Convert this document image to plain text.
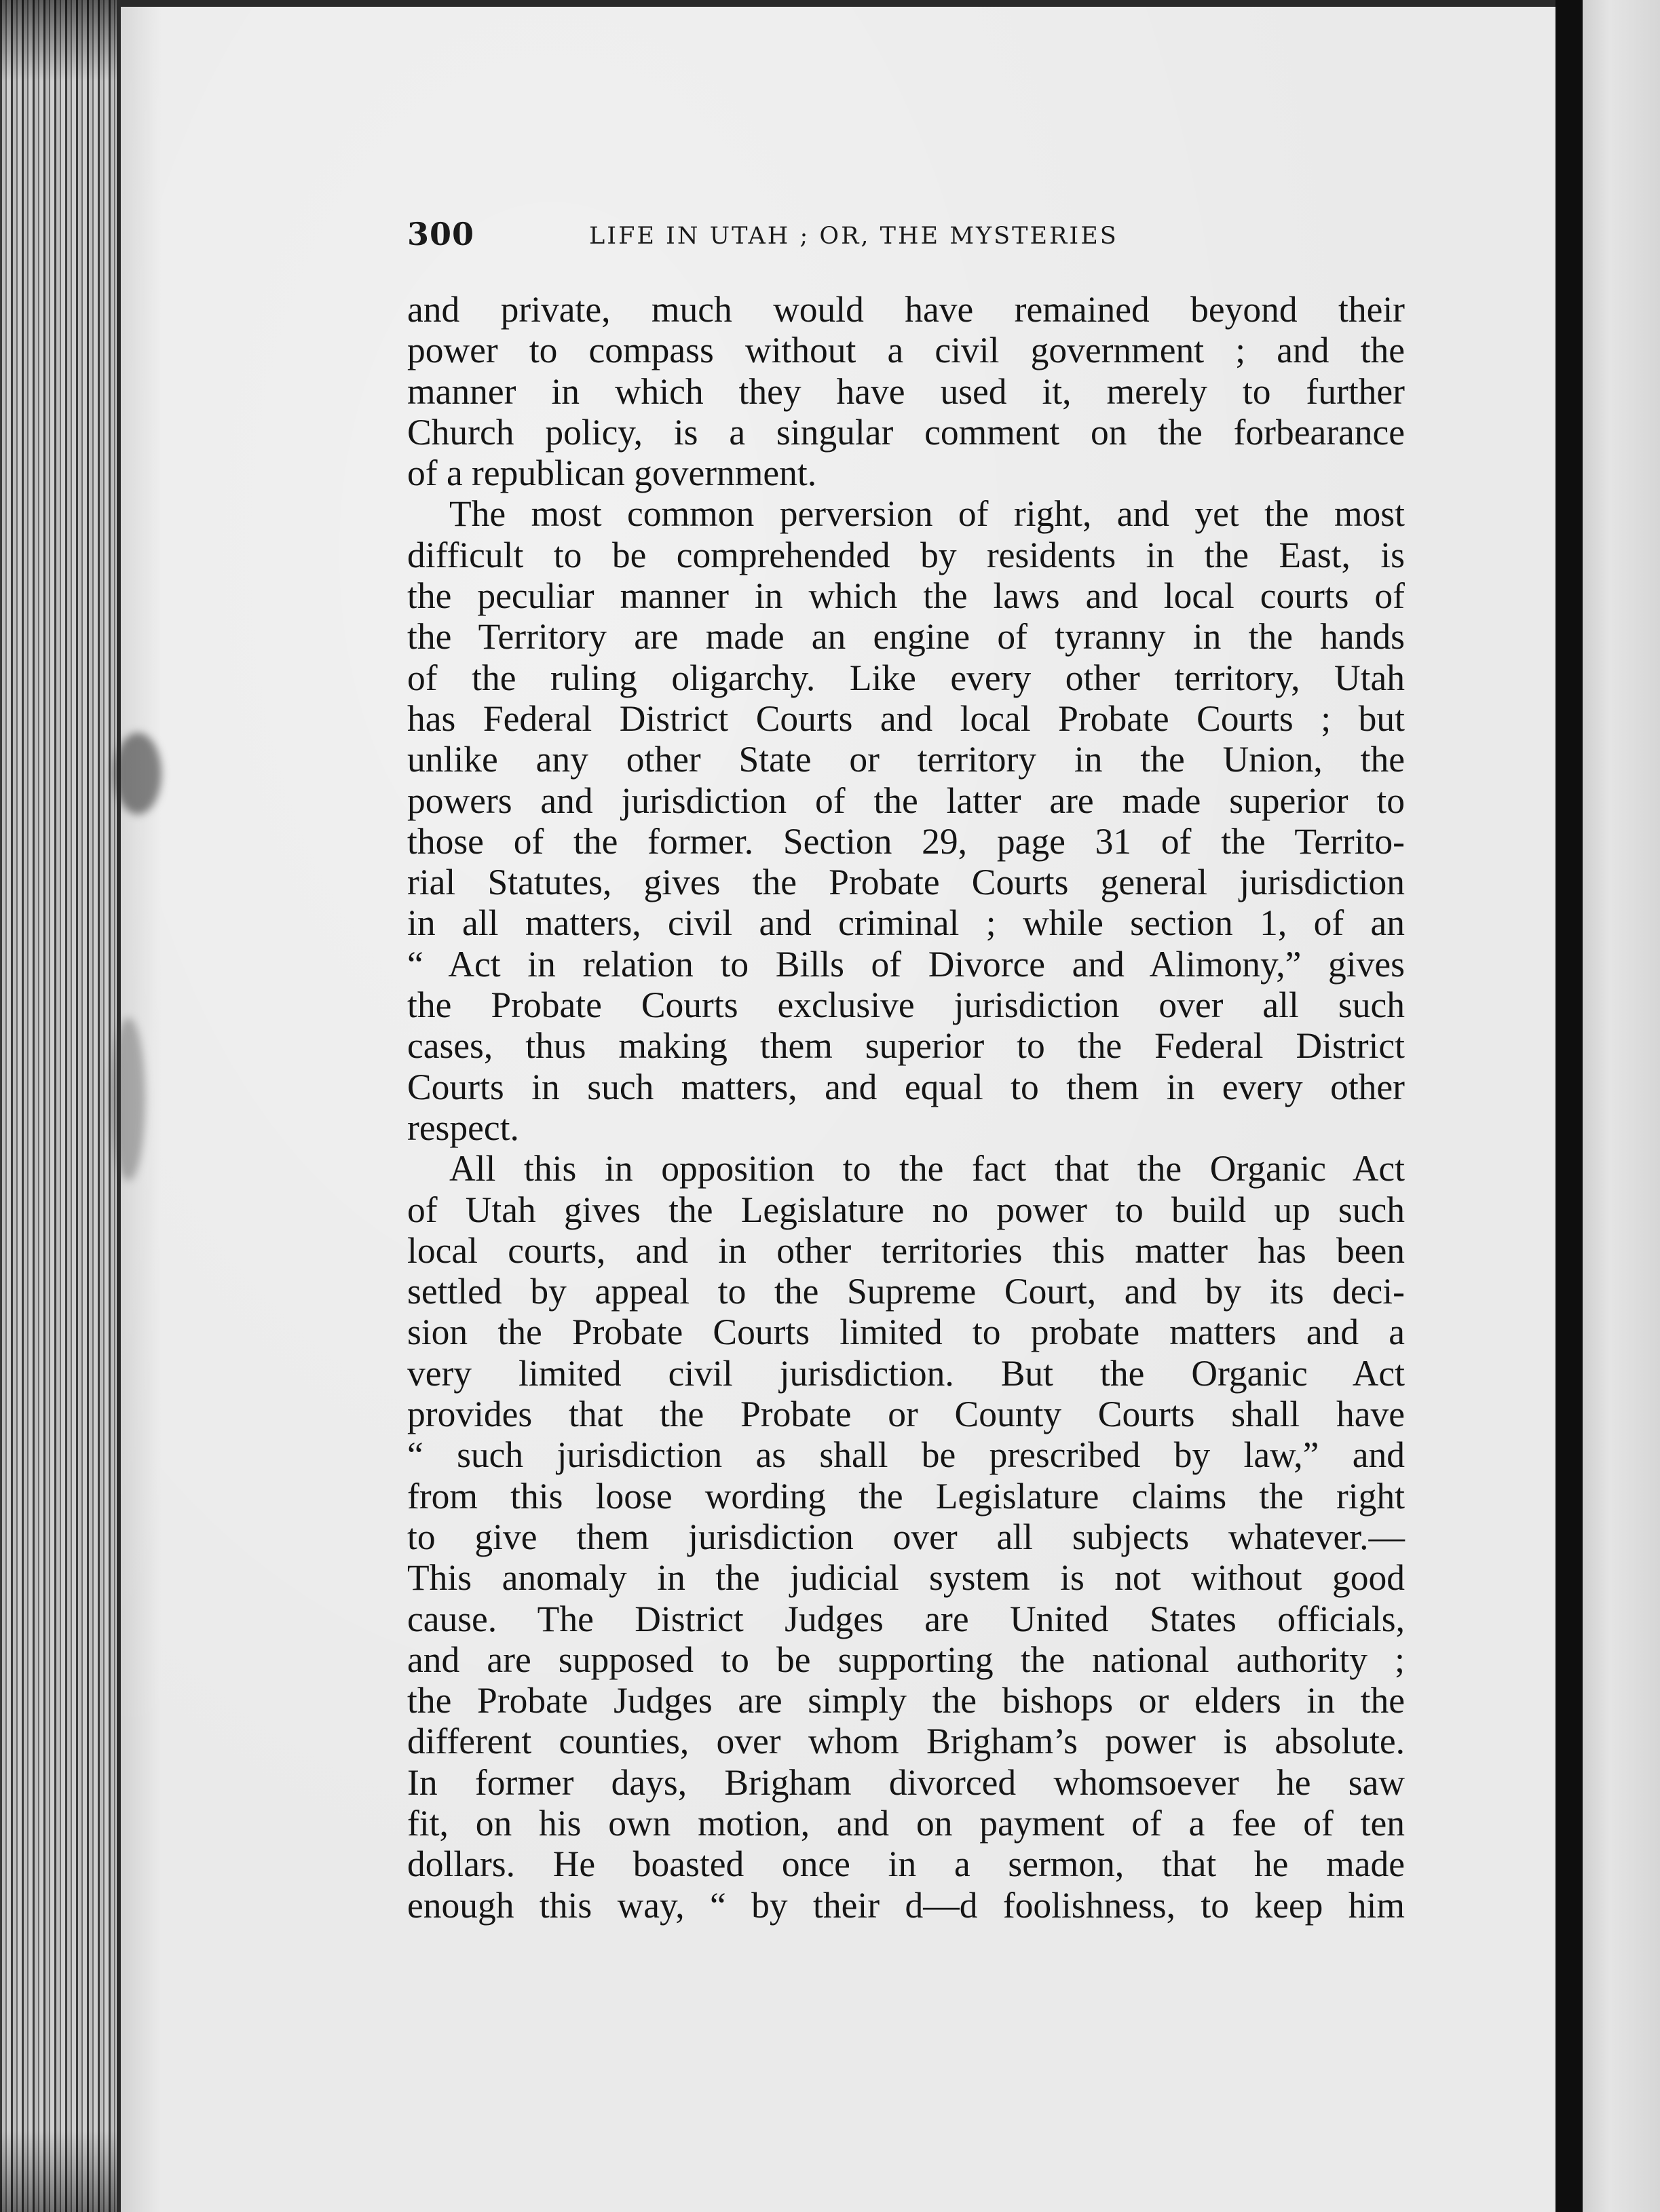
300	LIFE IN UTAH ; OR, THE MYSTERIES
and private, much would have remained beyond their
power to compass without a civil government ; and the
manner in which they have used it, merely to further
Church policy, is a singular comment on the forbearance
of a republican government.
The most common perversion of right, and yet the most
difficult to be comprehended by residents in the East, is
the peculiar manner in which the laws and local courts of
the Territory are made an engine of tyranny in the hands
of the ruling oligarchy. Like every other territory, Utah
has Federal District Courts and local Probate Courts ; but
unlike any other State or territory in the Union, the
powers and jurisdiction of the latter are made superior to
those of the former. Section 29, page 31 of the Territo-
rial Statutes, gives the Probate Courts general jurisdiction
in all matters, civil and criminal ; while section 1, of an
“ Act in relation to Bills of Divorce and Alimony,” gives
the Probate Courts exclusive jurisdiction over all such
cases, thus making them superior to the Federal District
Courts in such matters, and equal to them in every other
respect.
All this in opposition to the fact that the Organic Act
of Utah gives the Legislature no power to build up such
local courts, and in other territories this matter has been
settled by appeal to the Supreme Court, and by its deci-
sion the Probate Courts limited to probate matters and a
very limited civil jurisdiction. But the Organic Act
provides that the Probate or County Courts shall have
“ such jurisdiction as shall be prescribed by law,” and
from this loose wording the Legislature claims the right
to give them jurisdiction over all subjects whatever.—
This anomaly in the judicial system is not without good
cause. The District Judges are United States officials,
and are supposed to be supporting the national authority ;
the Probate Judges are simply the bishops or elders in the
different counties, over whom Brigham’s power is absolute.
In former days, Brigham divorced whomsoever he saw
fit, on his own motion, and on payment of a fee of ten
dollars. He boasted once in a sermon, that he made
enough this way, “ by their d—d foolishness, to keep him
